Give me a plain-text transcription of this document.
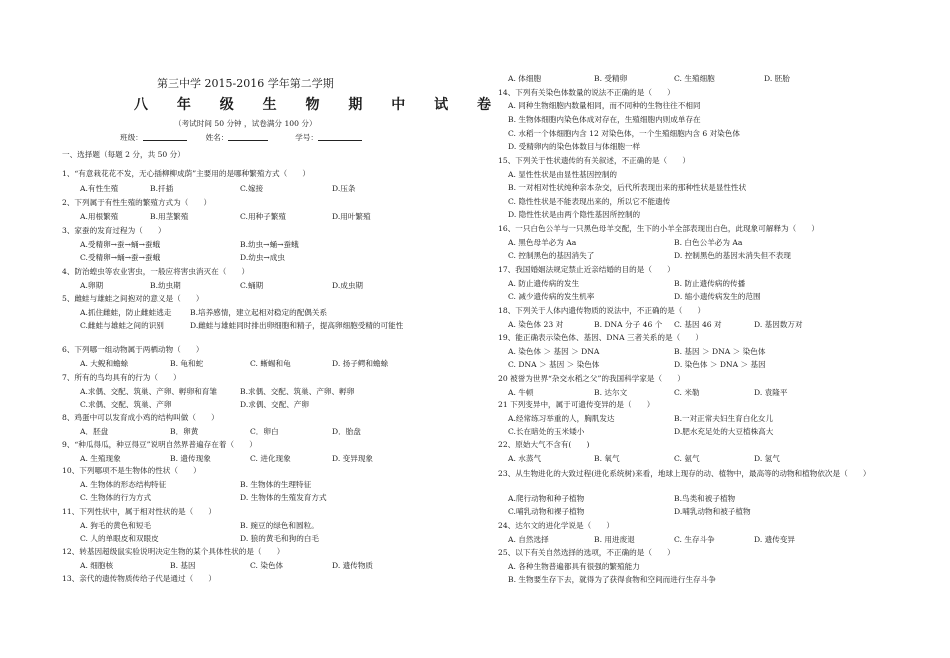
第三中学 2015-2016 学年第二学期
八 年 级 生 物 期 中 试 卷
（考试时间 50 分钟 ，试卷满分 100 分）
班级：	姓名：	学号：
一、选择题（每题 2 分，共 50 分）
1、“有意栽花花不发，无心插柳柳成荫”主要用的是哪种繁殖方式（　　）
A.有性生殖	B.扦插	C.嫁接	D.压条
2、下列属于有性生殖的繁殖方式为（　　）
A.用根繁殖	B.用茎繁殖	C.用种子繁殖	D.用叶繁殖
3、家蚕的发育过程为（　　）
A.受精卵→蚕→蛹→蚕蛾	B.幼虫→蛹→蚕蛾
C.受精卵→蛹→蚕→蚕蛾	D.幼虫→成虫
4、防治蝗虫等农业害虫，一般应将害虫消灭在（　　）
A.卵期	B.幼虫期	C.蛹期	D.成虫期
5、雌蛙与雄蛙之间抱对的意义是（　　）
A.抓住雌蛙，防止雌蛙逃走 B.培养感情，建立起相对稳定的配偶关系
C.雌蛙与雄蛙之间的识别	D.雌蛙与雄蛙同时排出卵细胞和精子，提高卵细胞受精的可能性
6、下列哪一组动物属于两栖动物（　　）
A. 大鲵和蟾蜍	B. 龟和蛇	C. 蜥蜴和龟	D. 扬子鳄和蟾蜍
7、所有的鸟均具有的行为（　　）
A.求偶、交配、筑巢、产卵、孵卵和育雏	B.求偶、交配、筑巢、产卵、孵卵
C.求偶、交配、筑巢、产卵	D.求偶、交配、产卵
8、鸡蛋中可以发育成小鸡的结构叫做（　　）
A．胚盘	B．卵黄	C．卵白	D．胎盘
9、“种瓜得瓜，种豆得豆”说明自然界普遍存在着（　　）
A. 生殖现象	B. 遗传现象	C. 进化现象	D. 变异现象
10、下列哪项不是生物体的性状（　　）
A. 生物体的形态结构特征	B. 生物体的生理特征
C. 生物体的行为方式	D. 生物体的生殖发育方式
11、下列性状中，属于相对性状的是（　　）
A. 狗毛的黄色和短毛	B. 豌豆的绿色和圆粒。
C. 人的单眼皮和双眼皮	D. 狼的黄毛和狗的白毛
12、转基因超级鼠实验说明决定生物的某个具体性状的是（　　）
A. 细胞核	B. 基因	C. 染色体	D. 遗传物质
13、亲代的遗传物质传给子代是通过（　　）
A. 体细胞	B. 受精卵	C. 生殖细胞	D. 胚胎
14、下列有关染色体数量的说法不正确的是（　　）
A. 同种生物细胞内数量相同，而不同种的生物往往不相同
B. 生物体细胞内染色体成对存在，生殖细胞内则成单存在
C. 水稻一个体细胞内含 12 对染色体，一个生殖细胞内含 6 对染色体
D. 受精卵内的染色体数目与体细胞一样
15、下列关于性状遗传的有关叙述，不正确的是（　　）
A. 显性性状是由显性基因控制的
B. 一对相对性状纯种亲本杂交，后代所表现出来的那种性状是显性性状
C. 隐性性状是不能表现出来的，所以它不能遗传
D. 隐性性状是由两个隐性基因所控制的
16、一只白色公羊与一只黑色母羊交配，生下的小羊全部表现出白色，此现象可解释为（　　）
A. 黑色母羊必为 Aa	B. 白色公羊必为 Aa
C. 控制黑色的基因消失了	D. 控制黑色的基因未消失但不表现
17、我国婚姻法规定禁止近亲结婚的目的是（　　）
A. 防止遗传病的发生	B. 防止遗传病的传播
C. 减少遗传病的发生机率	D. 缩小遗传病发生的范围
18、下列关于人体内遗传物质的说法中，不正确的是（　　）
A. 染色体 23 对	B. DNA 分子 46 个 C. 基因 46 对	D. 基因数万对
19、能正确表示染色体、基因、DNA 三者关系的是（　　）
A. 染色体 ＞ 基因 ＞ DNA	B. 基因 ＞ DNA ＞ 染色体
C. DNA ＞ 基因 ＞ 染色体	D. 染色体 ＞ DNA ＞ 基因
20 被誉为世界“杂交水稻之父”的我国科学家是（　　）
A. 牛顿	B. 达尔文	C. 米勒	D. 袁隆平
21 下列变异中，属于可遗传变异的是（　　）
A.经常练习举重的人，胸肌发达	B.一对正常夫妇生育白化女儿
C.长在暗处的玉米矮小	D.肥水充足处的大豆植株高大
22、原始大气不含有(　　)
A. 水蒸气	B. 氧气	C. 氨气	D. 氢气
23、从生物进化的大致过程(进化系统树)来看，地球上现存的动、植物中，最高等的动物和植物依次是（　　）
A.爬行动物和种子植物	B.鸟类和被子植物
C.哺乳动物和裸子植物	D.哺乳动物和被子植物
24、达尔文的进化学说是（　　）
A. 自然选择	B. 用进废退	C. 生存斗争	D. 遗传变异
25、以下有关自然选择的选项，不正确的是（　　）
A. 各种生物普遍都具有很强的繁殖能力
B. 生物要生存下去，就得为了获得食物和空间而进行生存斗争
